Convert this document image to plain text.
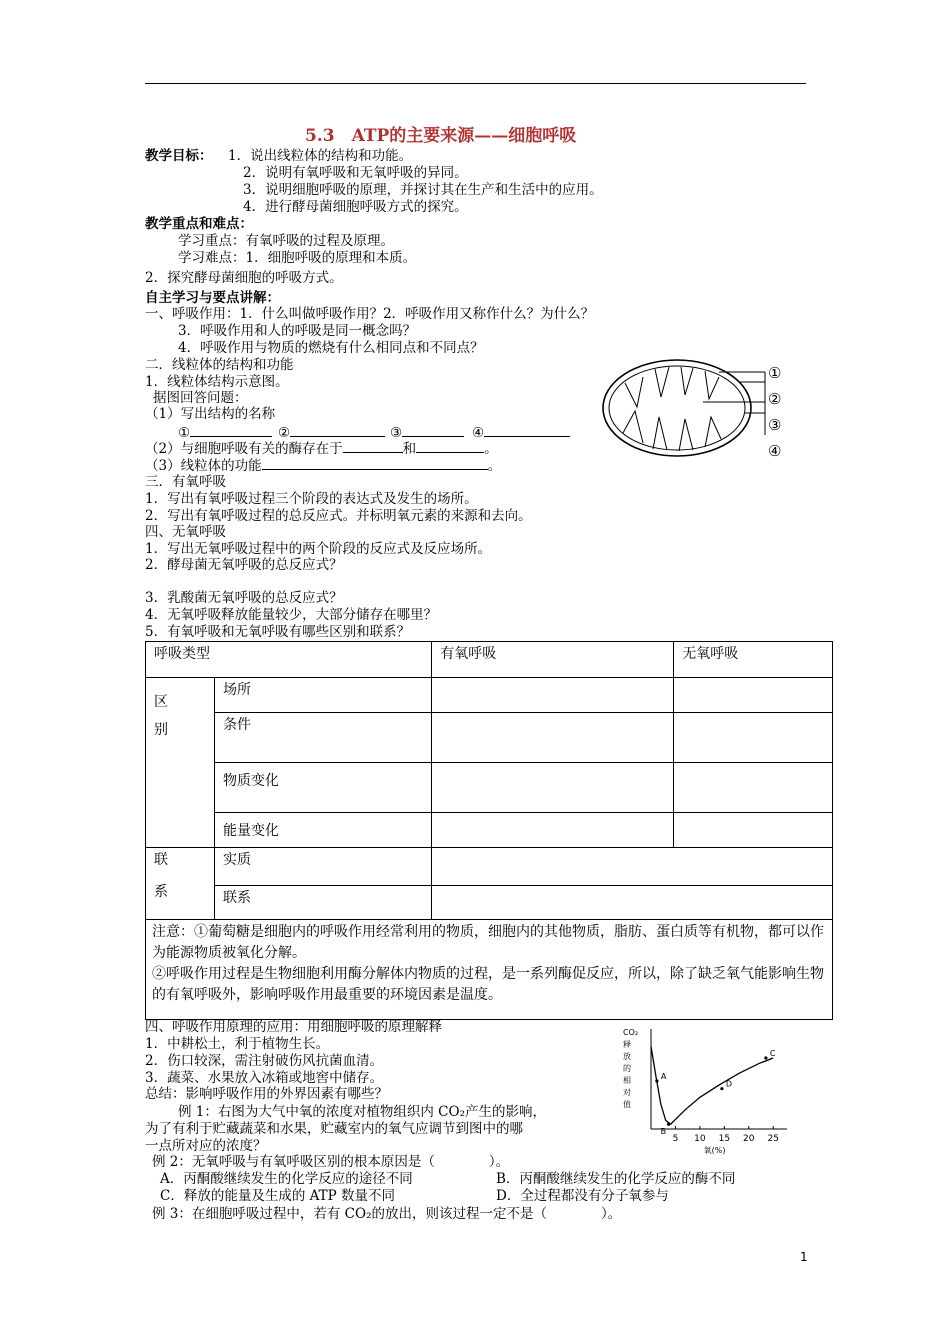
5.3　ATP的主要来源——细胞呼吸
教学目标： 1．说出线粒体的结构和功能。
2．说明有氧呼吸和无氧呼吸的异同。
3．说明细胞呼吸的原理，并探讨其在生产和生活中的应用。
4．进行酵母菌细胞呼吸方式的探究。
教学重点和难点：
学习重点：有氧呼吸的过程及原理。
学习难点：1．细胞呼吸的原理和本质。
2．探究酵母菌细胞的呼吸方式。
自主学习与要点讲解：
一、呼吸作用：1．什么叫做呼吸作用？2．呼吸作用又称作什么？为什么？
3．呼吸作用和人的呼吸是同一概念吗？
4．呼吸作用与物质的燃烧有什么相同点和不同点？
二．线粒体的结构和功能
1．线粒体结构示意图。
据图回答问题：
（1）写出结构的名称
①	②	③	④
（2）与细胞呼吸有关的酶存在于	和	。
（3）线粒体的功能	。
①
②
③
④
三．有氧呼吸
1．写出有氧呼吸过程三个阶段的表达式及发生的场所。
2．写出有氧呼吸过程的总反应式。并标明氧元素的来源和去向。
四、无氧呼吸
1．写出无氧呼吸过程中的两个阶段的反应式及反应场所。
2．酵母菌无氧呼吸的总反应式？
3．乳酸菌无氧呼吸的总反应式？
4．无氧呼吸释放能量较少，大部分储存在哪里？
5．有氧呼吸和无氧呼吸有哪些区别和联系？
呼吸类型		有氧呼吸	无氧呼吸

区
别	场所		
	条件		
	物质变化		
	能量变化		

联
系	实质		
	联系		

注意：①葡萄糖是细胞内的呼吸作用经常利用的物质，细胞内的其他物质，脂肪、蛋白质等有机物，都可以作为能源物质被氧化分解。
②呼吸作用过程是生物细胞利用酶分解体内物质的过程，是一系列酶促反应，所以，除了缺乏氧气能影响生物的有氧呼吸外，影响呼吸作用最重要的环境因素是温度。			
四、呼吸作用原理的应用：用细胞呼吸的原理解释
1．中耕松土，利于植物生长。
2．伤口较深，需注射破伤风抗菌血清。
3．蔬菜、水果放入冰箱或地窖中储存。
总结：影响呼吸作用的外界因素有哪些？
例 1：右图为大气中氧的浓度对植物组织内 CO₂产生的影响，
为了有利于贮藏蔬菜和水果，贮藏室内的氧气应调节到图中的哪
一点所对应的浓度？
例 2：无氧呼吸与有氧呼吸区别的根本原因是（　　　　）。
A．丙酮酸继续发生的化学反应的途径不同	B．丙酮酸继续发生的化学反应的酶不同
C．释放的能量及生成的 ATP 数量不同	D．全过程都没有分子氧参与
例 3：在细胞呼吸过程中，若有 CO₂的放出，则该过程一定不是（　　　　）。
CO₂
释
放
的
相
对
值
5 10 15 20 25
氧(%)
A
B
D
C
1
